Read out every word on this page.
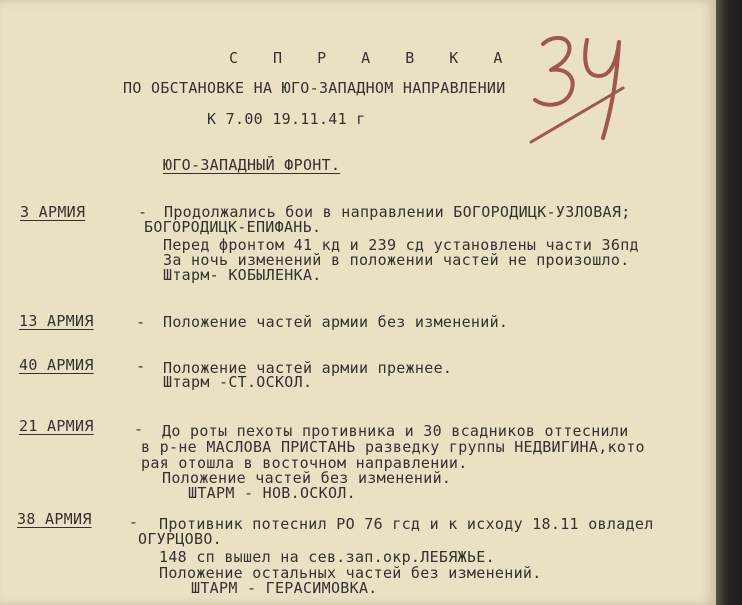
С П Р А В К А
ПО ОБСТАНОВКЕ НА ЮГО-ЗАПАДНОМ НАПРАВЛЕНИИ
К 7.00 19.11.41 г
ЮГО-ЗАПАДНЫЙ ФРОНТ.
3 АРМИЯ	- Продолжались бои в направлении БОГОРОДИЦК-УЗЛОВАЯ;
БОГОРОДИЦК-ЕПИФАНЬ.
Перед фронтом 41 кд и 239 сд установлены части 36пд
За ночь изменений в положении частей не произошло.
Штарм- КОБЫЛЕНКА.
13 АРМИЯ	- Положение частей армии без изменений.
40 АРМИЯ	- Положение частей армии прежнее.
Штарм -СТ.ОСКОЛ.
21 АРМИЯ	- До роты пехоты противника и 30 всадников оттеснили
в р-не МАСЛОВА ПРИСТАНЬ разведку группы НЕДВИГИНА,кото
рая отошла в восточном направлении.
Положение частей без изменений.
ШТАРМ - НОВ.ОСКОЛ.
38 АРМИЯ - Противник потеснил РО 76 гсд и к исходу 18.11 овладел
ОГУРЦОВО.
148 сп вышел на сев.зап.окр.ЛЕБЯЖЬЕ.
Положение остальных частей без изменений.
ШТАРМ - ГЕРАСИМОВКА.
